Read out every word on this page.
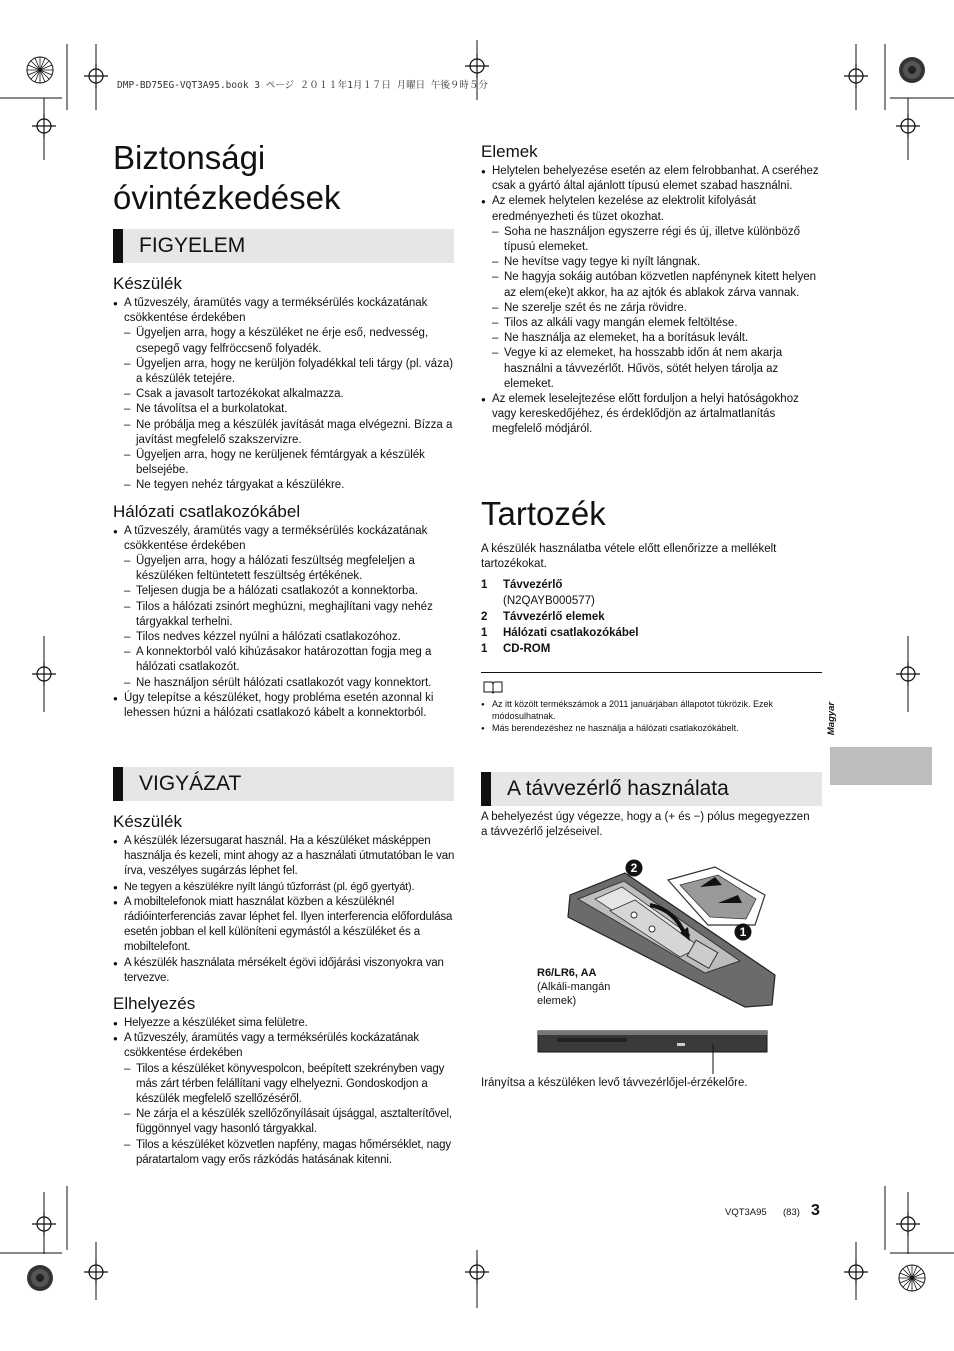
DMP-BD75EG-VQT3A95.book 3 ページ ２０１１年1月１７日 月曜日 午後９時５分
Biztonsági
óvintézkedések
FIGYELEM
Készülék
● A tűzveszély, áramütés vagy a terméksérülés kockázatának csökkentése érdekében
– Ügyeljen arra, hogy a készüléket ne érje eső, nedvesség, csepegő vagy felfröccsenő folyadék.
– Ügyeljen arra, hogy ne kerüljön folyadékkal teli tárgy (pl. váza) a készülék tetejére.
– Csak a javasolt tartozékokat alkalmazza.
– Ne távolítsa el a burkolatokat.
– Ne próbálja meg a készülék javítását maga elvégezni. Bízza a javítást megfelelő szakszervizre.
– Ügyeljen arra, hogy ne kerüljenek fémtárgyak a készülék belsejébe.
– Ne tegyen nehéz tárgyakat a készülékre.
Hálózati csatlakozókábel
● A tűzveszély, áramütés vagy a terméksérülés kockázatának csökkentése érdekében
– Ügyeljen arra, hogy a hálózati feszültség megfeleljen a készüléken feltüntetett feszültség értékének.
– Teljesen dugja be a hálózati csatlakozót a konnektorba.
– Tilos a hálózati zsinórt meghúzni, meghajlítani vagy nehéz tárgyakkal terhelni.
– Tilos nedves kézzel nyúlni a hálózati csatlakozóhoz.
– A konnektorból való kihúzásakor határozottan fogja meg a hálózati csatlakozót.
– Ne használjon sérült hálózati csatlakozót vagy konnektort.
● Úgy telepítse a készüléket, hogy probléma esetén azonnal ki lehessen húzni a hálózati csatlakozó kábelt a konnektorból.
VIGYÁZAT
Készülék
● A készülék lézersugarat használ. Ha a készüléket másképpen használja és kezeli, mint ahogy az a használati útmutatóban le van írva, veszélyes sugárzás léphet fel.
● Ne tegyen a készülékre nyílt lángú tűzforrást (pl. égő gyertyát).
● A mobiltelefonok miatt használat közben a készüléknél rádióinterferenciás zavar léphet fel. Ilyen interferencia előfordulása esetén jobban el kell különíteni egymástól a készüléket és a mobiltelefont.
● A készülék használata mérsékelt égövi időjárási viszonyokra van tervezve.
Elhelyezés
● Helyezze a készüléket sima felületre.
● A tűzveszély, áramütés vagy a terméksérülés kockázatának csökkentése érdekében
– Tilos a készüléket könyvespolcon, beépített szekrényben vagy más zárt térben felállítani vagy elhelyezni. Gondoskodjon a készülék megfelelő szellőzéséről.
– Ne zárja el a készülék szellőzőnyílásait újsággal, asztalterítővel, függönnyel vagy hasonló tárgyakkal.
– Tilos a készüléket közvetlen napfény, magas hőmérséklet, nagy páratartalom vagy erős rázkódás hatásának kitenni.
Elemek
● Helytelen behelyezése esetén az elem felrobbanhat. A cseréhez csak a gyártó által ajánlott típusú elemet szabad használni.
● Az elemek helytelen kezelése az elektrolit kifolyását eredményezheti és tüzet okozhat.
– Soha ne használjon egyszerre régi és új, illetve különböző típusú elemeket.
– Ne hevítse vagy tegye ki nyílt lángnak.
– Ne hagyja sokáig autóban közvetlen napfénynek kitett helyen az elem(eke)t akkor, ha az ajtók és ablakok zárva vannak.
– Ne szerelje szét és ne zárja rövidre.
– Tilos az alkáli vagy mangán elemek feltöltése.
– Ne használja az elemeket, ha a borításuk levált.
– Vegye ki az elemeket, ha hosszabb időn át nem akarja használni a távvezérlőt. Hűvös, sötét helyen tárolja az elemeket.
● Az elemek leselejtezése előtt forduljon a helyi hatóságokhoz vagy kereskedőjéhez, és érdeklődjön az ártalmatlanítás megfelelő módjáról.
Tartozék

A készülék használatba vétele előtt ellenőrizze a mellékelt tartozékokat.

1 Távvezérlő
(N2QAYB000577)
2 Távvezérlő elemek
1 Hálózati csatlakozókábel
1 CD-ROM
● Az itt közölt termékszámok a 2011 januárjában állapotot tükrözik. Ezek módosulhatnak.
● Más berendezéshez ne használja a hálózati csatlakozókábelt.
A távvezérlő használata

A behelyezést úgy végezze, hogy a (+ és −) pólus megegyezzen a távvezérlő jelzéseivel.

2
1
R6/LR6, AA
(Alkáli-mangán
elemek)

Irányítsa a készüléken levő távvezérlőjel-érzékelőre.

Magyar
VQT3A95 (83) 3
